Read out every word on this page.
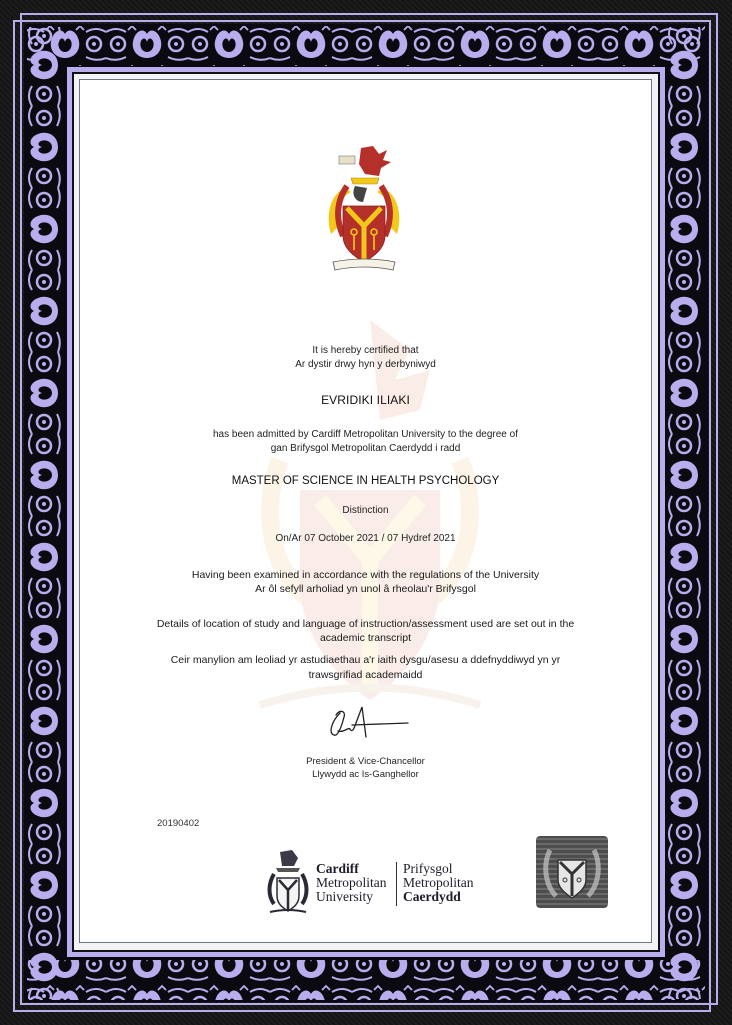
It is hereby certified that
Ar dystir drwy hyn y derbyniwyd
EVRIDIKI ILIAKI
has been admitted by Cardiff Metropolitan University to the degree of
gan Brifysgol Metropolitan Caerdydd i radd
MASTER OF SCIENCE IN HEALTH PSYCHOLOGY
Distinction
On/Ar 07 October 2021 / 07 Hydref 2021
Having been examined in accordance with the regulations of the University
Ar ôl sefyll arholiad yn unol â rheolau'r Brifysgol
Details of location of study and language of instruction/assessment used are set out in the
academic transcript
Ceir manylion am leoliad yr astudiaethau a'r iaith dysgu/asesu a ddefnyddiwyd yn yr
trawsgrifiad academaidd
President & Vice-Chancellor
Llywydd ac Is-Ganghellor
20190402
Cardiff
Metropolitan
University
Prifysgol
Metropolitan
Caerdydd
